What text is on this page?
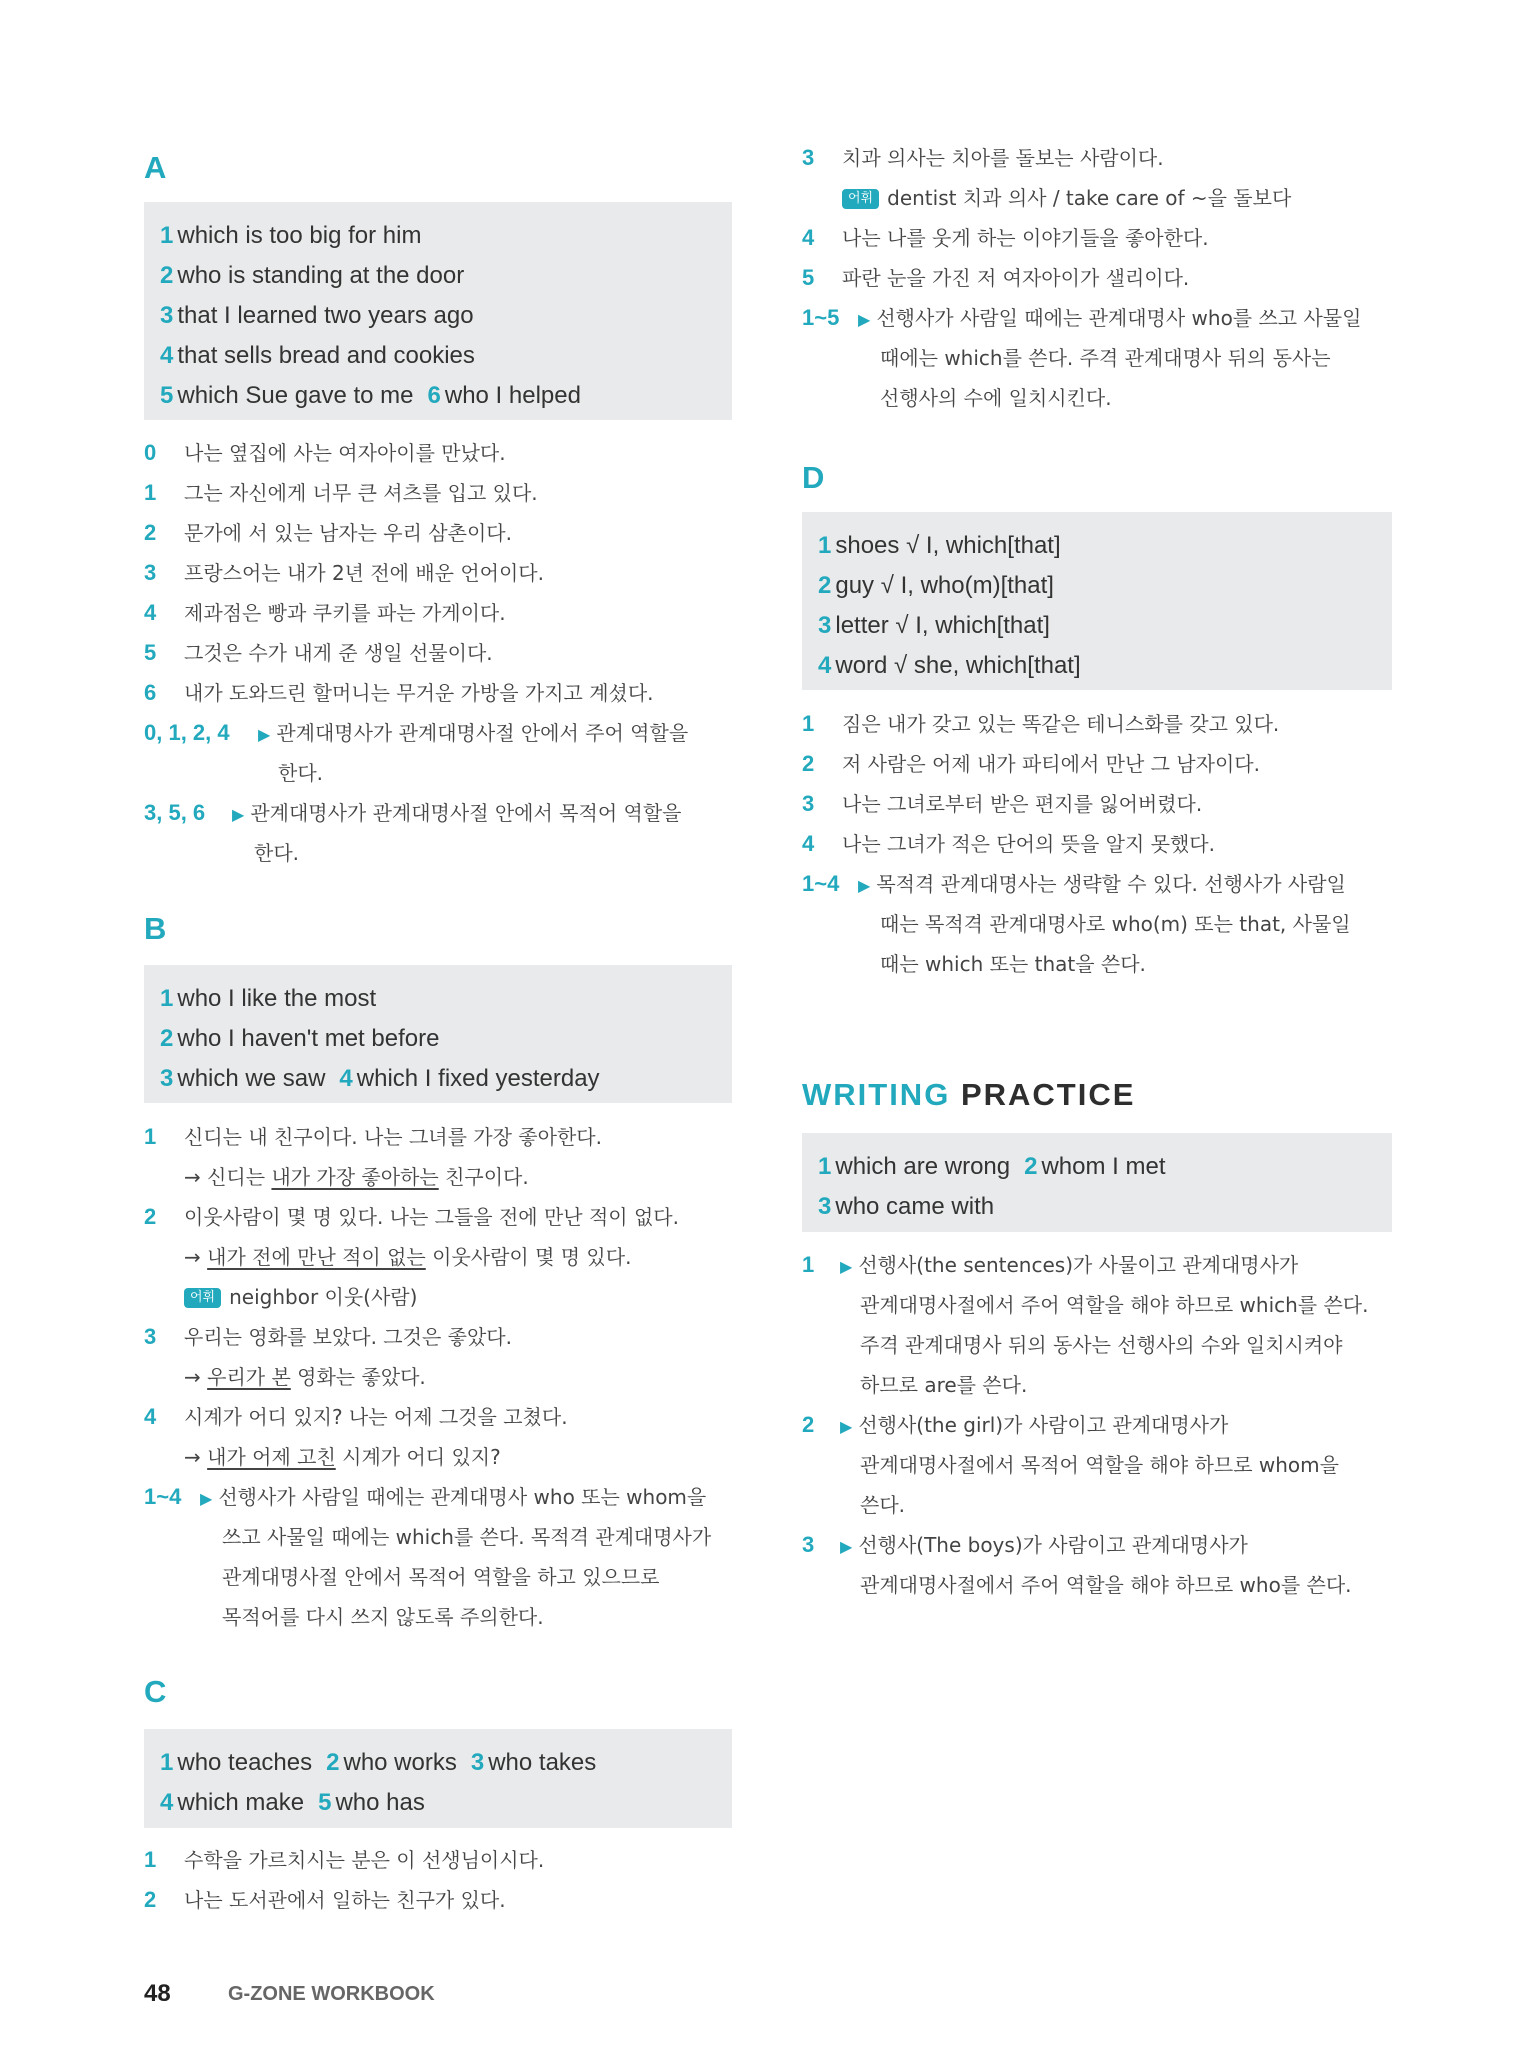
A
1 which is too big for him
2 who is standing at the door
3 that I learned two years ago
4 that sells bread and cookies
5 which Sue gave to me 6 who I helped
0 나는 옆집에 사는 여자아이를 만났다.
1 그는 자신에게 너무 큰 셔츠를 입고 있다.
2 문가에 서 있는 남자는 우리 삼촌이다.
3 프랑스어는 내가 2년 전에 배운 언어이다.
4 제과점은 빵과 쿠키를 파는 가게이다.
5 그것은 수가 내게 준 생일 선물이다.
6 내가 도와드린 할머니는 무거운 가방을 가지고 계셨다.
0, 1, 2, 4 ▶ 관계대명사가 관계대명사절 안에서 주어 역할을
한다.
3, 5, 6 ▶ 관계대명사가 관계대명사절 안에서 목적어 역할을
한다.
B
1 who I like the most
2 who I haven't met before
3 which we saw 4 which I fixed yesterday
1 신디는 내 친구이다. 나는 그녀를 가장 좋아한다.
→ 신디는 내가 가장 좋아하는 친구이다.
2 이웃사람이 몇 명 있다. 나는 그들을 전에 만난 적이 없다.
→ 내가 전에 만난 적이 없는 이웃사람이 몇 명 있다.
어휘 neighbor 이웃(사람)
3 우리는 영화를 보았다. 그것은 좋았다.
→ 우리가 본 영화는 좋았다.
4 시계가 어디 있지? 나는 어제 그것을 고쳤다.
→ 내가 어제 고친 시계가 어디 있지?
1~4 ▶ 선행사가 사람일 때에는 관계대명사 who 또는 whom을
쓰고 사물일 때에는 which를 쓴다. 목적격 관계대명사가
관계대명사절 안에서 목적어 역할을 하고 있으므로
목적어를 다시 쓰지 않도록 주의한다.
C
1 who teaches 2 who works 3 who takes
4 which make 5 who has
1 수학을 가르치시는 분은 이 선생님이시다.
2 나는 도서관에서 일하는 친구가 있다.
3 치과 의사는 치아를 돌보는 사람이다.
어휘 dentist 치과 의사 / take care of ~을 돌보다
4 나는 나를 웃게 하는 이야기들을 좋아한다.
5 파란 눈을 가진 저 여자아이가 샐리이다.
1~5 ▶ 선행사가 사람일 때에는 관계대명사 who를 쓰고 사물일
때에는 which를 쓴다. 주격 관계대명사 뒤의 동사는
선행사의 수에 일치시킨다.
D
1 shoes √ I, which[that]
2 guy √ I, who(m)[that]
3 letter √ I, which[that]
4 word √ she, which[that]
1 짐은 내가 갖고 있는 똑같은 테니스화를 갖고 있다.
2 저 사람은 어제 내가 파티에서 만난 그 남자이다.
3 나는 그녀로부터 받은 편지를 잃어버렸다.
4 나는 그녀가 적은 단어의 뜻을 알지 못했다.
1~4 ▶ 목적격 관계대명사는 생략할 수 있다. 선행사가 사람일
때는 목적격 관계대명사로 who(m) 또는 that, 사물일
때는 which 또는 that을 쓴다.
WRITING PRACTICE
1 which are wrong 2 whom I met
3 who came with
1 ▶ 선행사(the sentences)가 사물이고 관계대명사가
관계대명사절에서 주어 역할을 해야 하므로 which를 쓴다.
주격 관계대명사 뒤의 동사는 선행사의 수와 일치시켜야
하므로 are를 쓴다.
2 ▶ 선행사(the girl)가 사람이고 관계대명사가
관계대명사절에서 목적어 역할을 해야 하므로 whom을
쓴다.
3 ▶ 선행사(The boys)가 사람이고 관계대명사가
관계대명사절에서 주어 역할을 해야 하므로 who를 쓴다.
48	G-ZONE WORKBOOK
